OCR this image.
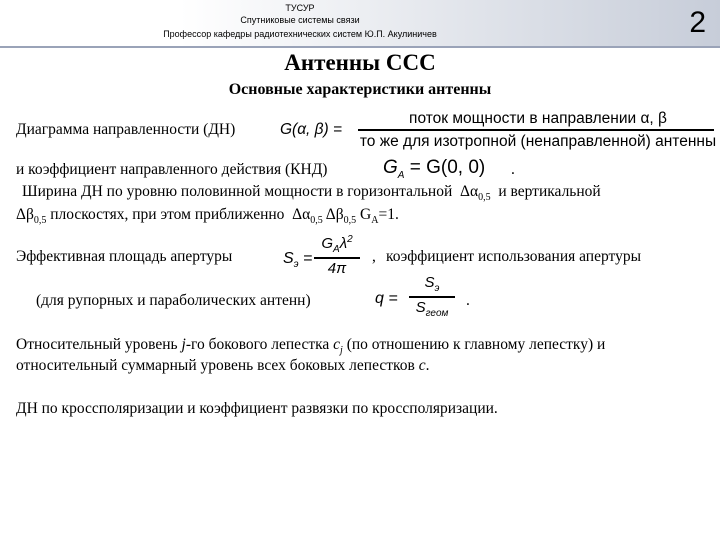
ТУСУР
Спутниковые системы связи
Профессор кафедры радиотехнических систем Ю.П. Акулиничев	2
Антенны ССС
Основные характеристики антенны
Диаграмма направленности (ДН)	G(α, β) =
поток мощности в направлении α, β
то же для изотропной (ненаправленной) антенны
и коэффициент направленного действия (КНД)	$G_A = G(0$, 0) .
Ширина ДН по уровню половинной мощности в горизонтальной $\Delta\alpha_{0,5}$ и вертикальной
$\Delta\beta_{0,5}$ плоскостях, при этом приближенно $\Delta\alpha_{0,5}$ $\Delta\beta_{0,5}$ $G_A=1$.
Эффективная площадь апертуры	$S_э$ =
$G_A\lambda^2$
4π
, коэффициент использования апертуры
(для рупорных и параболических антенн)	q =
$S_э$
$S_{геом}$
.
Относительный уровень j-го бокового лепестка $c_j$ (по отношению к главному лепестку) и
относительный суммарный уровень всех боковых лепестков c.
ДН по кроссполяризации и коэффициент развязки по кроссполяризации.
